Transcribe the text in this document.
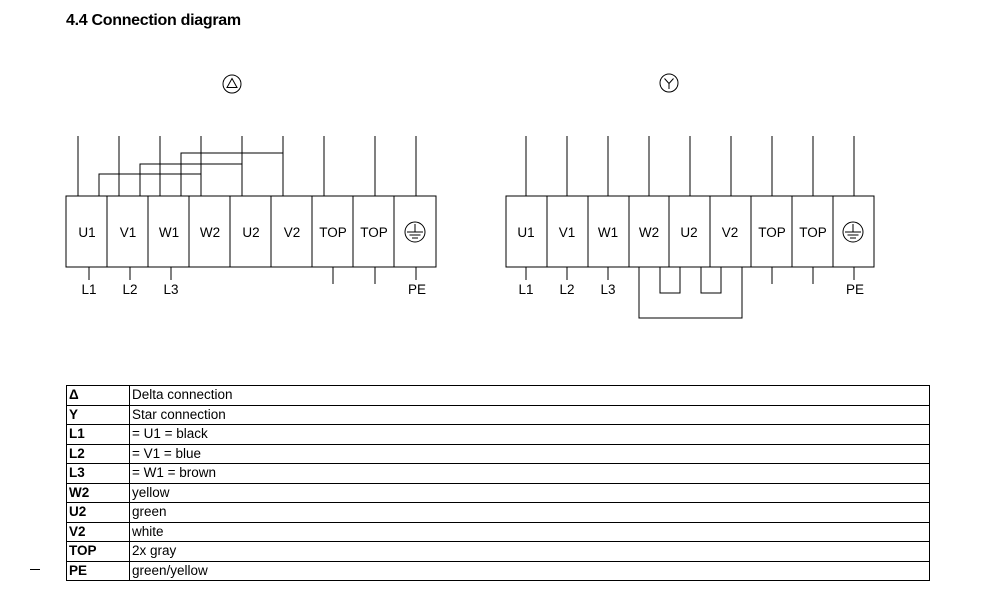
4.4 Connection diagram
U1 V1 W1 W2 U2 V2 TOP TOP	U1 V1 W1 W2 U2 V2 TOP TOP
L1 L2 L3	PE	L1 L2 L3	PE
Δ	Delta connection
Y	Star connection
L1	= U1 = black
L2	= V1 = blue
L3	= W1 = brown
W2	yellow
U2	green
V2	white
TOP	2x gray
PE	green/yellow
